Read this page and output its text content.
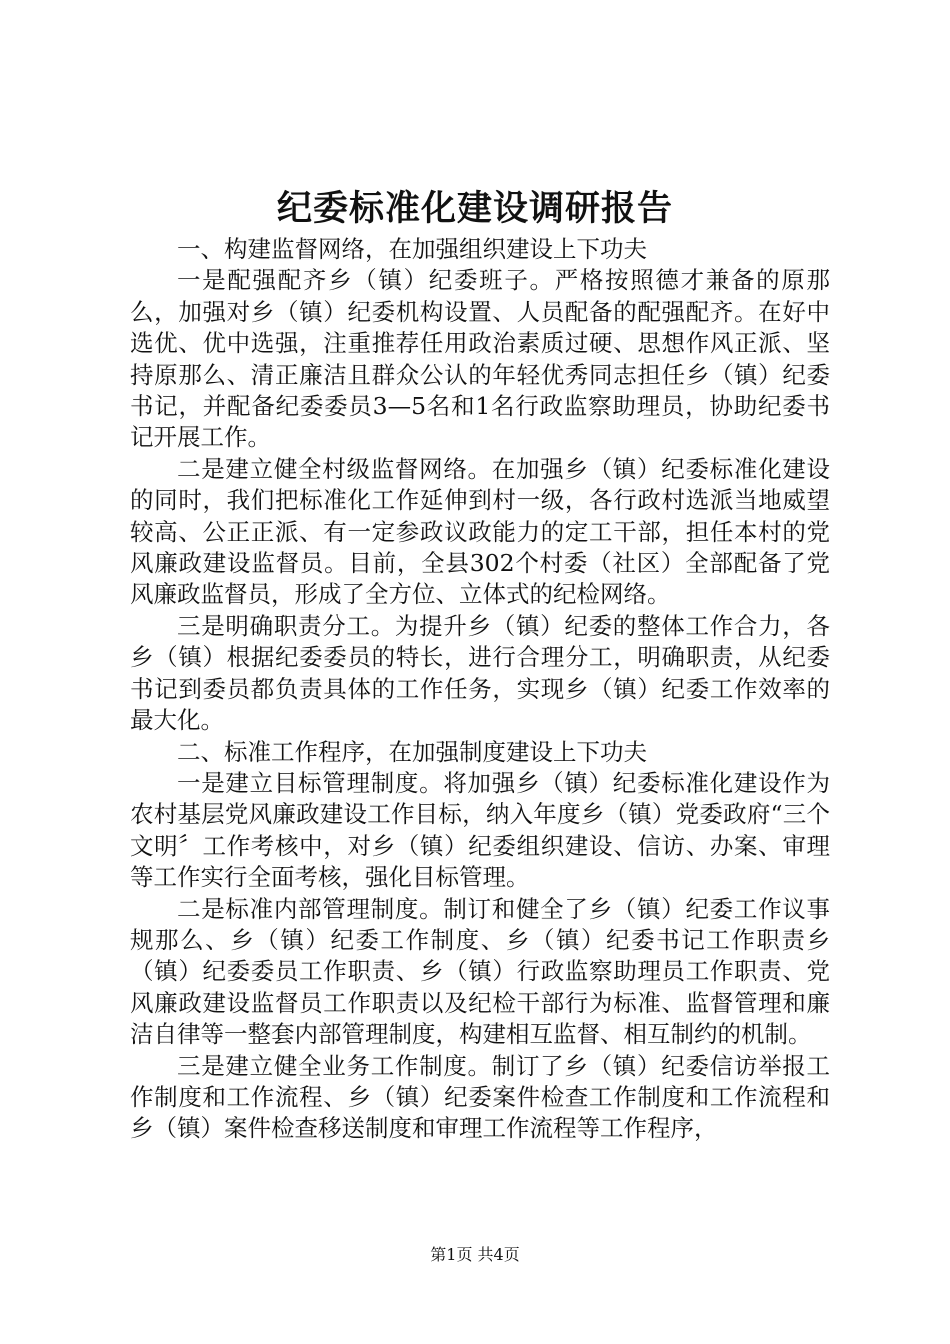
纪委标准化建设调研报告

一、构建监督网络，在加强组织建设上下功夫

一是配强配齐乡（镇）纪委班子。严格按照德才兼备的原那么，加强对乡（镇）纪委机构设置、人员配备的配强配齐。在好中选优、优中选强，注重推荐任用政治素质过硬、思想作风正派、坚持原那么、清正廉洁且群众公认的年轻优秀同志担任乡（镇）纪委书记，并配备纪委委员3—5名和1名行政监察助理员，协助纪委书记开展工作。

二是建立健全村级监督网络。在加强乡（镇）纪委标准化建设的同时，我们把标准化工作延伸到村一级，各行政村选派当地威望较高、公正正派、有一定参政议政能力的定工干部，担任本村的党风廉政建设监督员。目前，全县302个村委（社区）全部配备了党风廉政监督员，形成了全方位、立体式的纪检网络。

三是明确职责分工。为提升乡（镇）纪委的整体工作合力，各乡（镇）根据纪委委员的特长，进行合理分工，明确职责，从纪委书记到委员都负责具体的工作任务，实现乡（镇）纪委工作效率的最大化。

二、标准工作程序，在加强制度建设上下功夫

一是建立目标管理制度。将加强乡（镇）纪委标准化建设作为农村基层党风廉政建设工作目标，纳入年度乡（镇）党委政府“三个文明〞工作考核中，对乡（镇）纪委组织建设、信访、办案、审理等工作实行全面考核，强化目标管理。

二是标准内部管理制度。制订和健全了乡（镇）纪委工作议事规那么、乡（镇）纪委工作制度、乡（镇）纪委书记工作职责乡（镇）纪委委员工作职责、乡（镇）行政监察助理员工作职责、党风廉政建设监督员工作职责以及纪检干部行为标准、监督管理和廉洁自律等一整套内部管理制度，构建相互监督、相互制约的机制。

三是建立健全业务工作制度。制订了乡（镇）纪委信访举报工作制度和工作流程、乡（镇）纪委案件检查工作制度和工作流程和乡（镇）案件检查移送制度和审理工作流程等工作程序，

第1页 共4页
